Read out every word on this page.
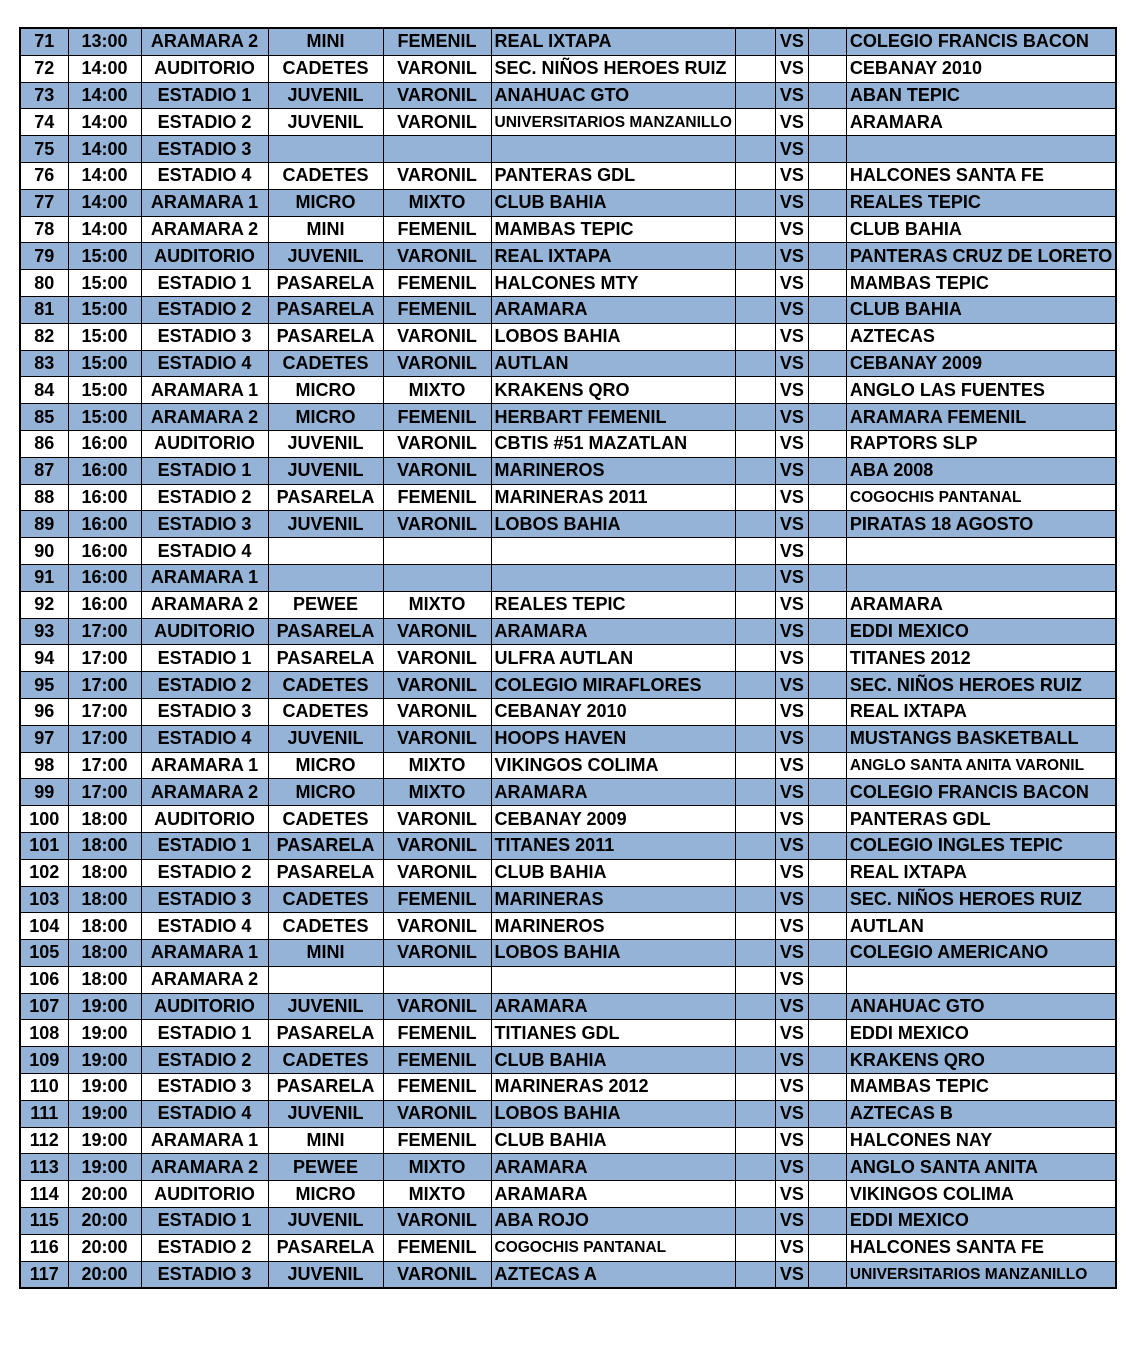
71	13:00	ARAMARA 2	MINI	FEMENIL	REAL IXTAPA		VS		COLEGIO FRANCIS BACON
72	14:00	AUDITORIO	CADETES	VARONIL	SEC. NIÑOS HEROES RUIZ		VS		CEBANAY 2010
73	14:00	ESTADIO 1	JUVENIL	VARONIL	ANAHUAC GTO		VS		ABAN TEPIC
74	14:00	ESTADIO 2	JUVENIL	VARONIL	UNIVERSITARIOS MANZANILLO		VS		ARAMARA
75	14:00	ESTADIO 3					VS		
76	14:00	ESTADIO 4	CADETES	VARONIL	PANTERAS GDL		VS		HALCONES SANTA FE
77	14:00	ARAMARA 1	MICRO	MIXTO	CLUB BAHIA		VS		REALES TEPIC
78	14:00	ARAMARA 2	MINI	FEMENIL	MAMBAS TEPIC		VS		CLUB BAHIA
79	15:00	AUDITORIO	JUVENIL	VARONIL	REAL IXTAPA		VS		PANTERAS CRUZ DE LORETO
80	15:00	ESTADIO 1	PASARELA	FEMENIL	HALCONES MTY		VS		MAMBAS TEPIC
81	15:00	ESTADIO 2	PASARELA	FEMENIL	ARAMARA		VS		CLUB BAHIA
82	15:00	ESTADIO 3	PASARELA	VARONIL	LOBOS BAHIA		VS		AZTECAS
83	15:00	ESTADIO 4	CADETES	VARONIL	AUTLAN		VS		CEBANAY 2009
84	15:00	ARAMARA 1	MICRO	MIXTO	KRAKENS QRO		VS		ANGLO LAS FUENTES
85	15:00	ARAMARA 2	MICRO	FEMENIL	HERBART FEMENIL		VS		ARAMARA FEMENIL
86	16:00	AUDITORIO	JUVENIL	VARONIL	CBTIS #51 MAZATLAN		VS		RAPTORS SLP
87	16:00	ESTADIO 1	JUVENIL	VARONIL	MARINEROS		VS		ABA 2008
88	16:00	ESTADIO 2	PASARELA	FEMENIL	MARINERAS 2011		VS		COGOCHIS PANTANAL
89	16:00	ESTADIO 3	JUVENIL	VARONIL	LOBOS BAHIA		VS		PIRATAS 18 AGOSTO
90	16:00	ESTADIO 4					VS		
91	16:00	ARAMARA 1					VS		
92	16:00	ARAMARA 2	PEWEE	MIXTO	REALES TEPIC		VS		ARAMARA
93	17:00	AUDITORIO	PASARELA	VARONIL	ARAMARA		VS		EDDI MEXICO
94	17:00	ESTADIO 1	PASARELA	VARONIL	ULFRA AUTLAN		VS		TITANES 2012
95	17:00	ESTADIO 2	CADETES	VARONIL	COLEGIO MIRAFLORES		VS		SEC. NIÑOS HEROES RUIZ
96	17:00	ESTADIO 3	CADETES	VARONIL	CEBANAY 2010		VS		REAL IXTAPA
97	17:00	ESTADIO 4	JUVENIL	VARONIL	HOOPS HAVEN		VS		MUSTANGS BASKETBALL
98	17:00	ARAMARA 1	MICRO	MIXTO	VIKINGOS COLIMA		VS		ANGLO SANTA ANITA VARONIL
99	17:00	ARAMARA 2	MICRO	MIXTO	ARAMARA		VS		COLEGIO FRANCIS BACON
100	18:00	AUDITORIO	CADETES	VARONIL	CEBANAY 2009		VS		PANTERAS GDL
101	18:00	ESTADIO 1	PASARELA	VARONIL	TITANES 2011		VS		COLEGIO INGLES TEPIC
102	18:00	ESTADIO 2	PASARELA	VARONIL	CLUB BAHIA		VS		REAL IXTAPA
103	18:00	ESTADIO 3	CADETES	FEMENIL	MARINERAS		VS		SEC. NIÑOS HEROES RUIZ
104	18:00	ESTADIO 4	CADETES	VARONIL	MARINEROS		VS		AUTLAN
105	18:00	ARAMARA 1	MINI	VARONIL	LOBOS BAHIA		VS		COLEGIO AMERICANO
106	18:00	ARAMARA 2					VS		
107	19:00	AUDITORIO	JUVENIL	VARONIL	ARAMARA		VS		ANAHUAC GTO
108	19:00	ESTADIO 1	PASARELA	FEMENIL	TITIANES GDL		VS		EDDI MEXICO
109	19:00	ESTADIO 2	CADETES	FEMENIL	CLUB BAHIA		VS		KRAKENS QRO
110	19:00	ESTADIO 3	PASARELA	FEMENIL	MARINERAS 2012		VS		MAMBAS TEPIC
111	19:00	ESTADIO 4	JUVENIL	VARONIL	LOBOS BAHIA		VS		AZTECAS B
112	19:00	ARAMARA 1	MINI	FEMENIL	CLUB BAHIA		VS		HALCONES NAY
113	19:00	ARAMARA 2	PEWEE	MIXTO	ARAMARA		VS		ANGLO SANTA ANITA
114	20:00	AUDITORIO	MICRO	MIXTO	ARAMARA		VS		VIKINGOS COLIMA
115	20:00	ESTADIO 1	JUVENIL	VARONIL	ABA ROJO		VS		EDDI MEXICO
116	20:00	ESTADIO 2	PASARELA	FEMENIL	COGOCHIS PANTANAL		VS		HALCONES SANTA FE
117	20:00	ESTADIO 3	JUVENIL	VARONIL	AZTECAS A		VS		UNIVERSITARIOS MANZANILLO
